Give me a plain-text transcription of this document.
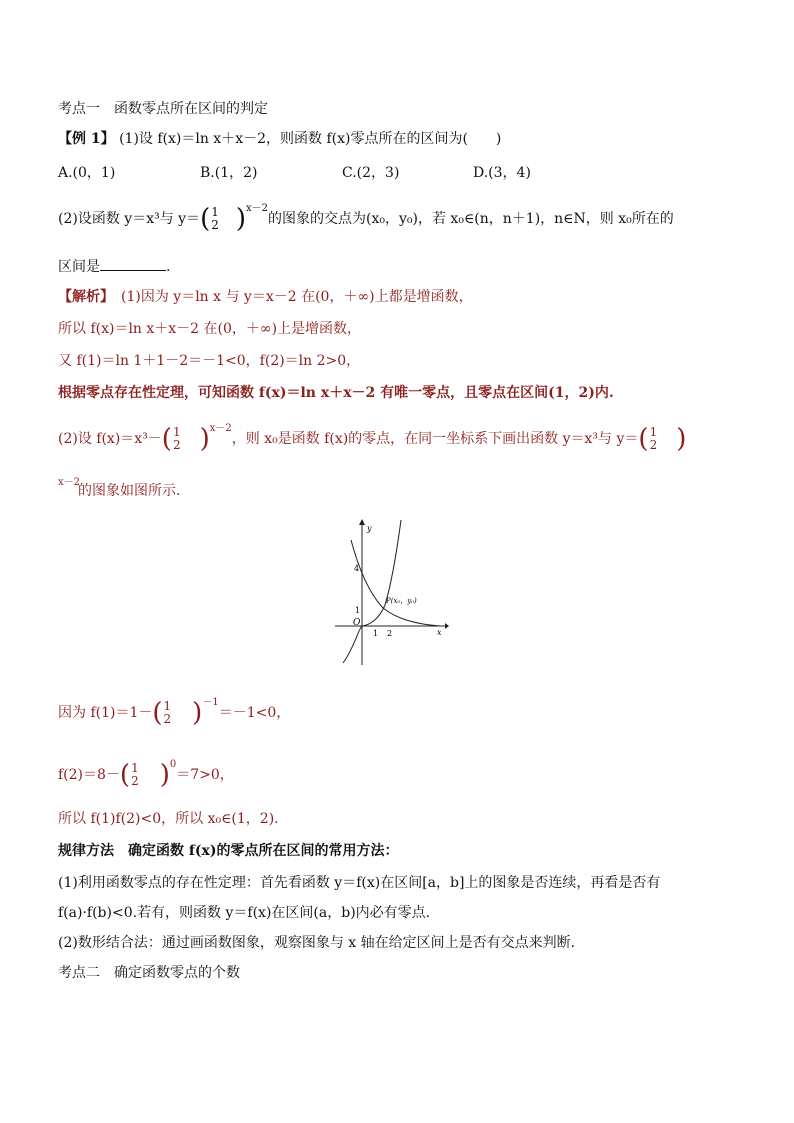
考点一　函数零点所在区间的判定
【例 1】 (1)设 f(x)＝ln x＋x－2，则函数 f(x)零点所在的区间为(　　)
A.(0，1)	B.(1，2)	C.(2，3)	D.(3，4)
(2)设函数 y＝x³与 y＝(1
2 )$^{x-2}$的图象的交点为(x₀，y₀)，若 x₀∈(n，n＋1)，n∈N，则 x₀所在的
区间是	.
【解析】　 (1)因为 y＝ln x 与 y＝x－2 在(0，＋∞)上都是增函数，
所以 f(x)＝ln x＋x－2 在(0，＋∞)上是增函数，
又 f(1)＝ln 1＋1－2＝－1<0，f(2)＝ln 2>0，
根据零点存在性定理，可知函数 f(x)＝ln x＋x－2 有唯一零点，且零点在区间(1，2)内.
(2)设 f(x)＝x³－(1
2 )$^{x-2}$，则 x₀是函数 f(x)的零点，在同一坐标系下画出函数 y＝x³与 y＝(1
2 )
x－2
的图象如图所示.
y
x
O
4
1
1 2
P(x₀，y₀)
因为 f(1)＝1－(1
2 )$^{-1}$＝－1<0，
f(2)＝8－(1
2 )$^0$＝7>0，
所以 f(1)f(2)<0，所以 x₀∈(1，2).
规律方法　确定函数 f(x)的零点所在区间的常用方法：
(1)利用函数零点的存在性定理：首先看函数 y＝f(x)在区间[a，b]上的图象是否连续，再看是否有
f(a)·f(b)<0.若有，则函数 y＝f(x)在区间(a，b)内必有零点.
(2)数形结合法：通过画函数图象，观察图象与 x 轴在给定区间上是否有交点来判断.
考点二　确定函数零点的个数
